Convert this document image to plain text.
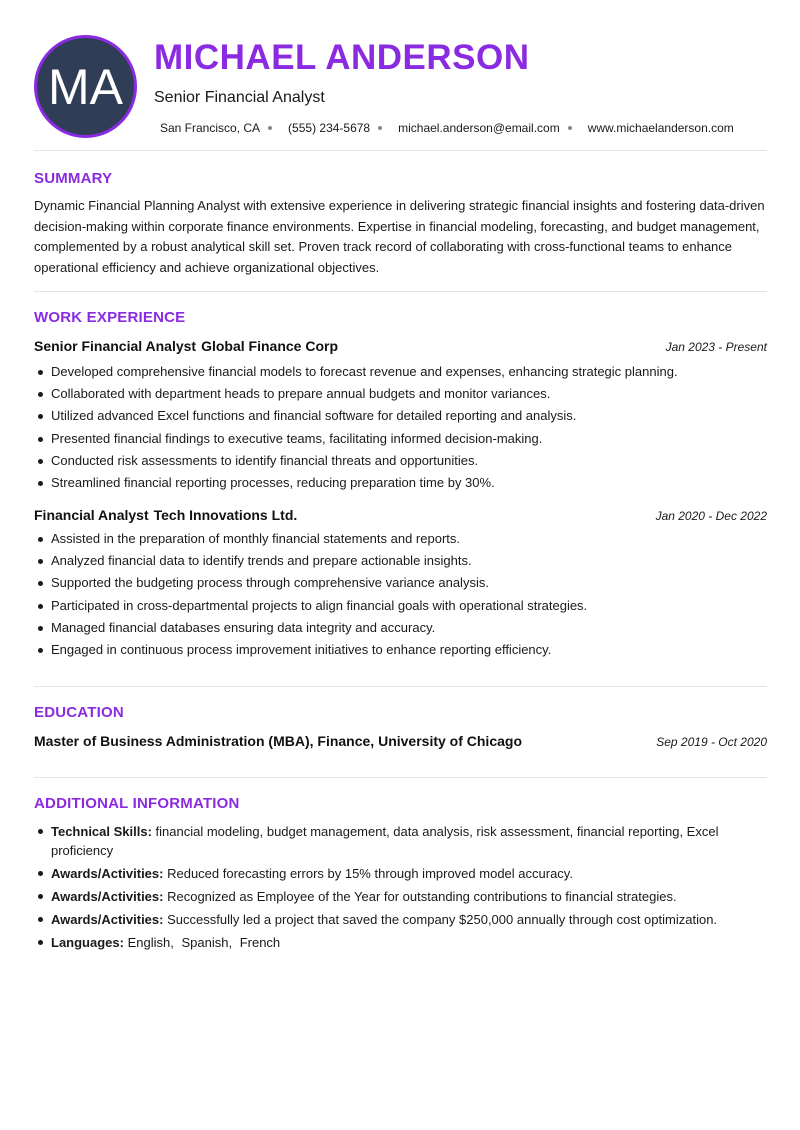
MA
MICHAEL ANDERSON
Senior Financial Analyst
San Francisco, CA (555) 234-5678 michael.anderson@email.com www.michaelanderson.com
SUMMARY
Dynamic Financial Planning Analyst with extensive experience in delivering strategic financial insights and fostering data-driven decision-making within corporate finance environments. Expertise in financial modeling, forecasting, and budget management, complemented by a robust analytical skill set. Proven track record of collaborating with cross-functional teams to enhance operational efficiency and achieve organizational objectives.
WORK EXPERIENCE
Senior Financial Analyst Global Finance Corp	Jan 2023 - Present
Developed comprehensive financial models to forecast revenue and expenses, enhancing strategic planning.
Collaborated with department heads to prepare annual budgets and monitor variances.
Utilized advanced Excel functions and financial software for detailed reporting and analysis.
Presented financial findings to executive teams, facilitating informed decision-making.
Conducted risk assessments to identify financial threats and opportunities.
Streamlined financial reporting processes, reducing preparation time by 30%.
Financial Analyst Tech Innovations Ltd.	Jan 2020 - Dec 2022
Assisted in the preparation of monthly financial statements and reports.
Analyzed financial data to identify trends and prepare actionable insights.
Supported the budgeting process through comprehensive variance analysis.
Participated in cross-departmental projects to align financial goals with operational strategies.
Managed financial databases ensuring data integrity and accuracy.
Engaged in continuous process improvement initiatives to enhance reporting efficiency.
EDUCATION
Master of Business Administration (MBA), Finance, University of Chicago	Sep 2019 - Oct 2020
ADDITIONAL INFORMATION
Technical Skills: financial modeling, budget management, data analysis, risk assessment, financial reporting, Excel proficiency
Awards/Activities: Reduced forecasting errors by 15% through improved model accuracy.
Awards/Activities: Recognized as Employee of the Year for outstanding contributions to financial strategies.
Awards/Activities: Successfully led a project that saved the company $250,000 annually through cost optimization.
Languages: English, Spanish, French
